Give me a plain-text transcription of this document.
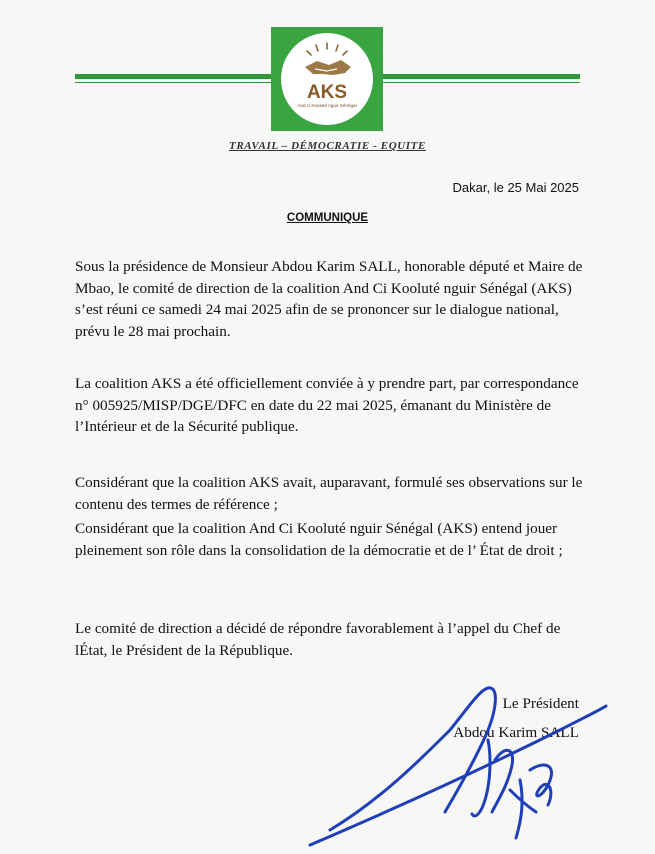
AKS
And ci Kooluté nguir Sénégal
TRAVAIL – DÉMOCRATIE - EQUITE
Dakar, le 25 Mai 2025
COMMUNIQUE
Sous la présidence de Monsieur Abdou Karim SALL, honorable député et Maire de Mbao, le comité de direction de la coalition And Ci Kooluté nguir Sénégal (AKS) s’est réuni ce samedi 24 mai 2025 afin de se prononcer sur le dialogue national, prévu le 28 mai prochain.
La coalition AKS a été officiellement conviée à y prendre part, par correspondance n° 005925/MISP/DGE/DFC en date du 22 mai 2025, émanant du Ministère de l’Intérieur et de la Sécurité publique.
Considérant que la coalition AKS avait, auparavant, formulé ses observations sur le contenu des termes de référence ;
Considérant que la coalition And Ci Kooluté nguir Sénégal (AKS) entend jouer pleinement son rôle dans la consolidation de la démocratie et de l’ État de droit ;
Le comité de direction a décidé de répondre favorablement à l’appel du Chef de lÉtat, le Président de la République.
Le Président
Abdou Karim SALL
